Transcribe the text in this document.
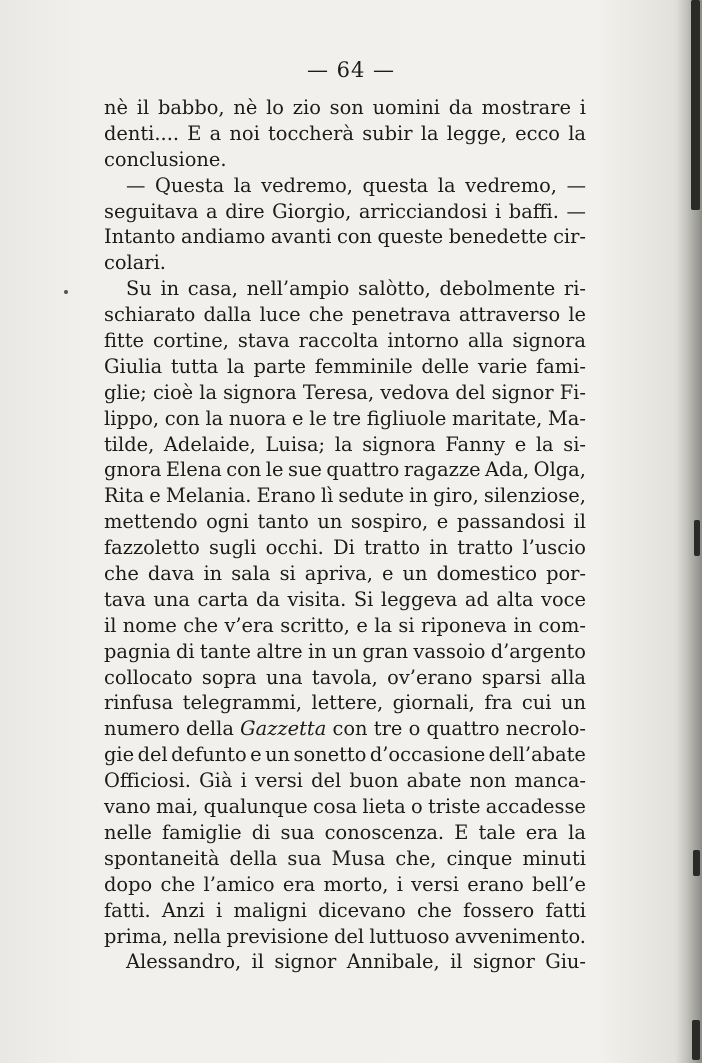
— 64 —
nè il babbo, nè lo zio son uomini da mostrare i
denti.... E a noi toccherà subir la legge, ecco la
conclusione.
— Questa la vedremo, questa la vedremo, —
seguitava a dire Giorgio, arricciandosi i baffi. —
Intanto andiamo avanti con queste benedette cir-
colari.
Su in casa, nell’ampio salòtto, debolmente ri-
schiarato dalla luce che penetrava attraverso le
fitte cortine, stava raccolta intorno alla signora
Giulia tutta la parte femminile delle varie fami-
glie; cioè la signora Teresa, vedova del signor Fi-
lippo, con la nuora e le tre figliuole maritate, Ma-
tilde, Adelaide, Luisa; la signora Fanny e la si-
gnora Elena con le sue quattro ragazze Ada, Olga,
Rita e Melania. Erano lì sedute in giro, silenziose,
mettendo ogni tanto un sospiro, e passandosi il
fazzoletto sugli occhi. Di tratto in tratto l’uscio
che dava in sala si apriva, e un domestico por-
tava una carta da visita. Si leggeva ad alta voce
il nome che v’era scritto, e la si riponeva in com-
pagnia di tante altre in un gran vassoio d’argento
collocato sopra una tavola, ov’erano sparsi alla
rinfusa telegrammi, lettere, giornali, fra cui un
numero della Gazzetta con tre o quattro necrolo-
gie del defunto e un sonetto d’occasione dell’abate
Officiosi. Già i versi del buon abate non manca-
vano mai, qualunque cosa lieta o triste accadesse
nelle famiglie di sua conoscenza. E tale era la
spontaneità della sua Musa che, cinque minuti
dopo che l’amico era morto, i versi erano bell’e
fatti. Anzi i maligni dicevano che fossero fatti
prima, nella previsione del luttuoso avvenimento.
Alessandro, il signor Annibale, il signor Giu-
